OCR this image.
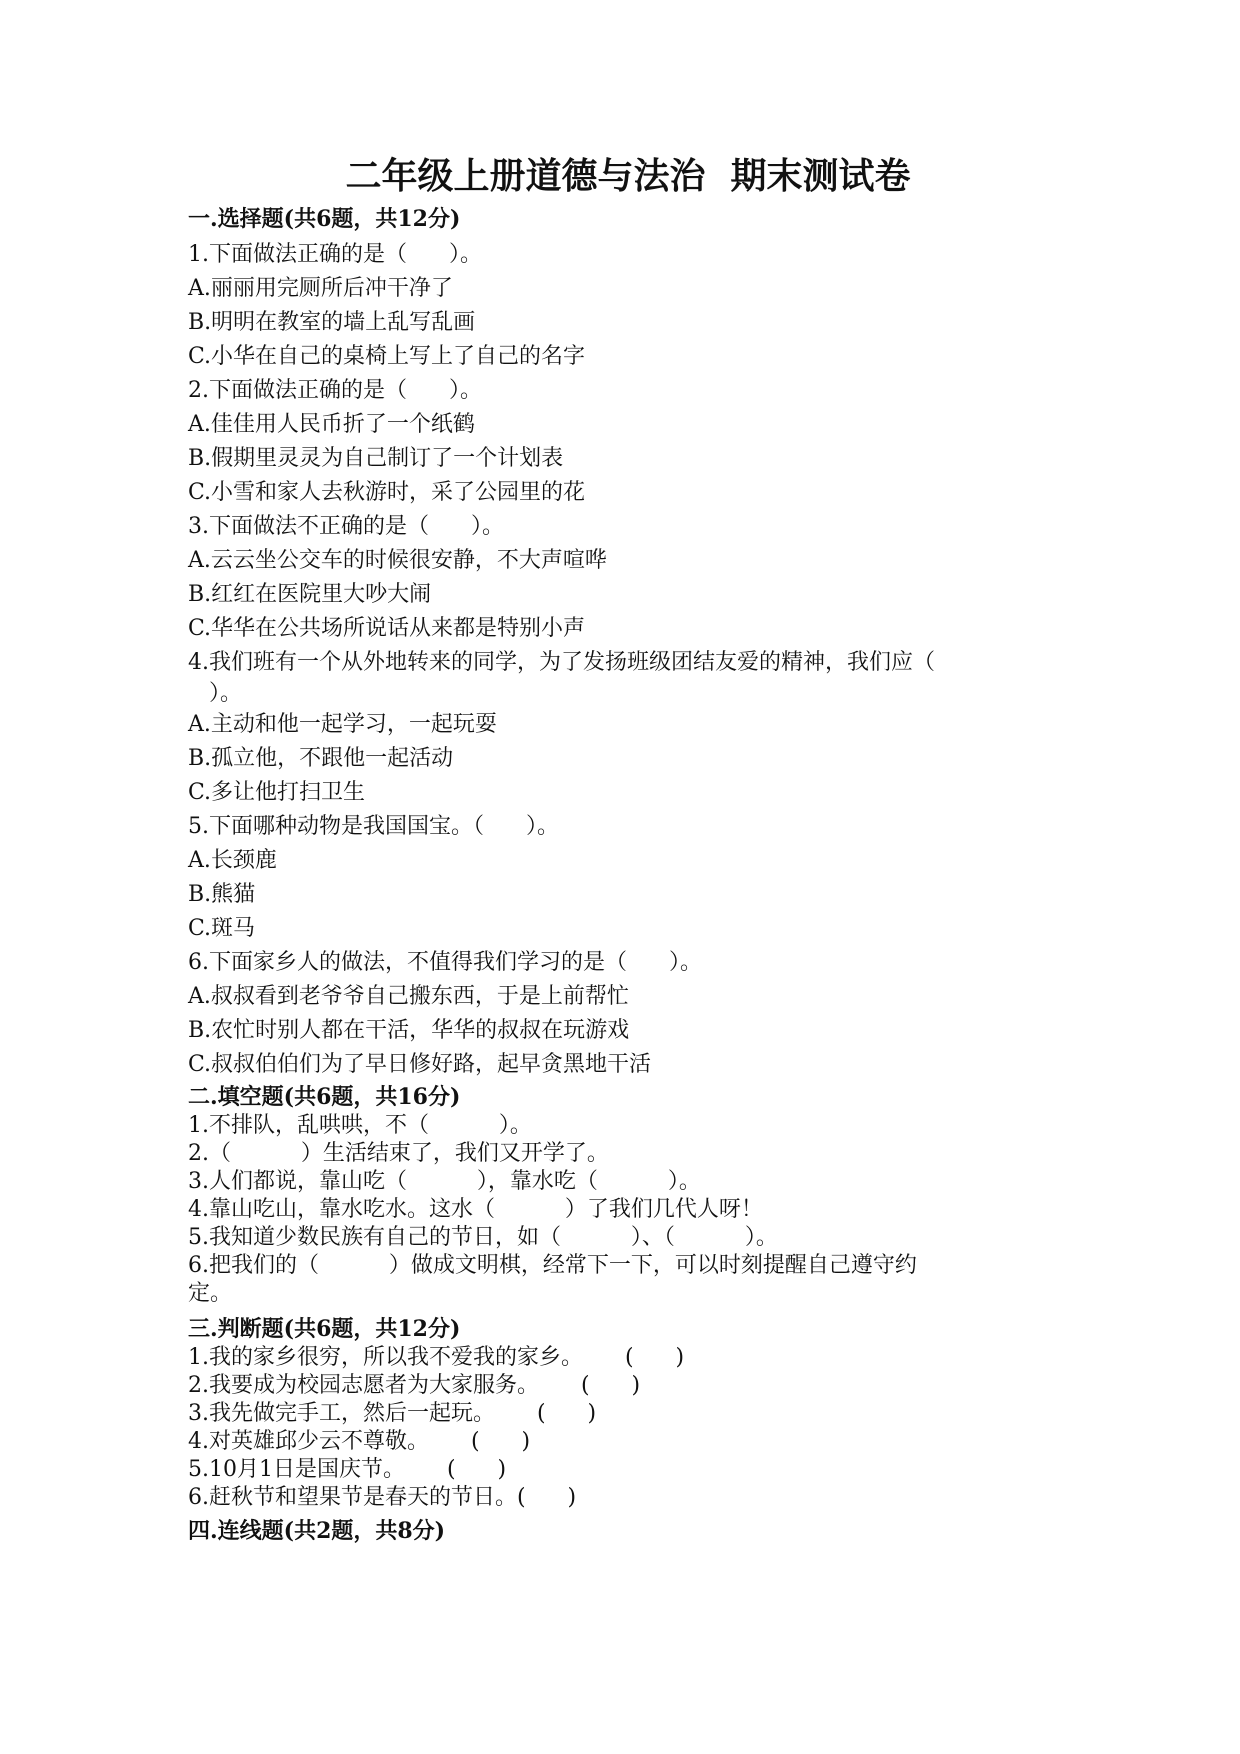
二年级上册道德与法治  期末测试卷
一.选择题(共6题，共12分)
1.下面做法正确的是（      ）。
A.丽丽用完厕所后冲干净了
B.明明在教室的墙上乱写乱画
C.小华在自己的桌椅上写上了自己的名字
2.下面做法正确的是（      ）。
A.佳佳用人民币折了一个纸鹤
B.假期里灵灵为自己制订了一个计划表
C.小雪和家人去秋游时，采了公园里的花
3.下面做法不正确的是（      ）。
A.云云坐公交车的时候很安静，不大声喧哗
B.红红在医院里大吵大闹
C.华华在公共场所说话从来都是特别小声
4.我们班有一个从外地转来的同学，为了发扬班级团结友爱的精神，我们应（
）。
A.主动和他一起学习，一起玩耍
B.孤立他，不跟他一起活动
C.多让他打扫卫生
5.下面哪种动物是我国国宝。（      ）。
A.长颈鹿
B.熊猫
C.斑马
6.下面家乡人的做法，不值得我们学习的是（      ）。
A.叔叔看到老爷爷自己搬东西，于是上前帮忙
B.农忙时别人都在干活，华华的叔叔在玩游戏
C.叔叔伯伯们为了早日修好路，起早贪黑地干活
二.填空题(共6题，共16分)
1.不排队，乱哄哄，不（          ）。
2.（          ）生活结束了，我们又开学了。
3.人们都说，靠山吃（          ），靠水吃（          ）。
4.靠山吃山，靠水吃水。这水（          ）了我们几代人呀！
5.我知道少数民族有自己的节日，如（          ）、（          ）。
6.把我们的（          ）做成文明棋，经常下一下，可以时刻提醒自己遵守约
定。
三.判断题(共6题，共12分)
1.我的家乡很穷，所以我不爱我的家乡。      (      )
2.我要成为校园志愿者为大家服务。      (      )
3.我先做完手工，然后一起玩。      (      )
4.对英雄邱少云不尊敬。      (      )
5.10月1日是国庆节。      (      )
6.赶秋节和望果节是春天的节日。(      )
四.连线题(共2题，共8分)
